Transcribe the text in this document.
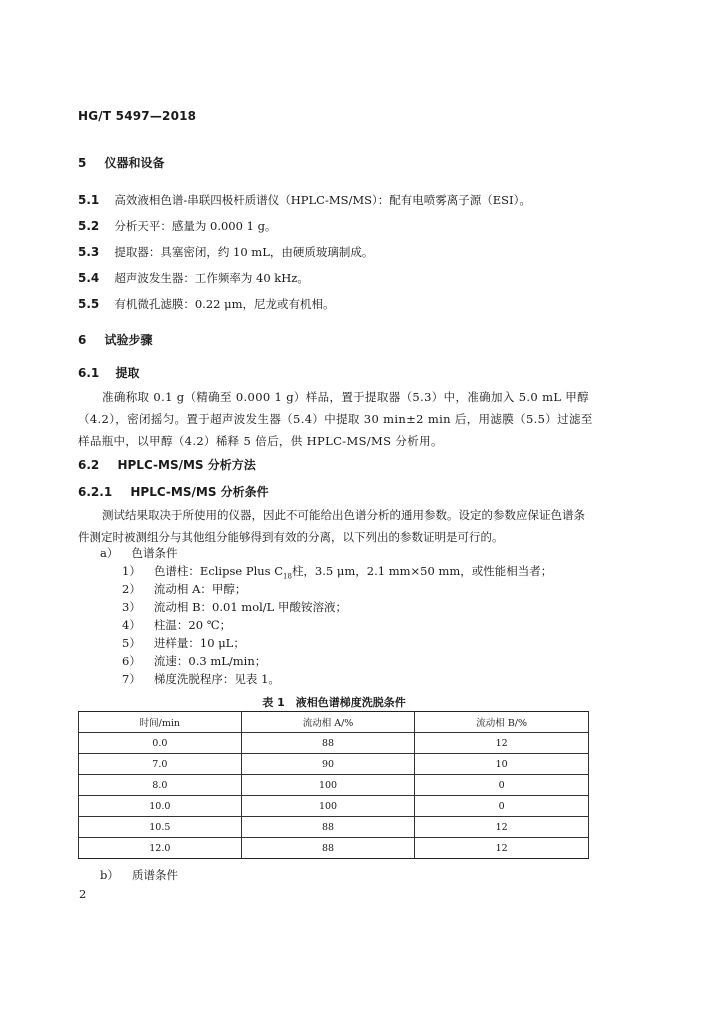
HG/T 5497—2018
5 仪器和设备
5.1 高效液相色谱-串联四极杆质谱仪（HPLC-MS/MS）：配有电喷雾离子源（ESI）。
5.2 分析天平：感量为 0.000 1 g。
5.3 提取器：具塞密闭，约 10 mL，由硬质玻璃制成。
5.4 超声波发生器：工作频率为 40 kHz。
5.5 有机微孔滤膜：0.22 μm，尼龙或有机相。
6 试验步骤
6.1 提取
准确称取 0.1 g（精确至 0.000 1 g）样品，置于提取器（5.3）中，准确加入 5.0 mL 甲醇（4.2），密闭摇匀。置于超声波发生器（5.4）中提取 30 min±2 min 后，用滤膜（5.5）过滤至样品瓶中，以甲醇（4.2）稀释 5 倍后，供 HPLC-MS/MS 分析用。
6.2 HPLC-MS/MS 分析方法
6.2.1 HPLC-MS/MS 分析条件
测试结果取决于所使用的仪器，因此不可能给出色谱分析的通用参数。设定的参数应保证色谱条件测定时被测组分与其他组分能够得到有效的分离，以下列出的参数证明是可行的。
a） 色谱条件
1） 色谱柱：Eclipse Plus $C_{18}$柱，3.5 μm，2.1 mm×50 mm，或性能相当者；
2） 流动相 A：甲醇；
3） 流动相 B：0.01 mol/L 甲酸铵溶液；
4） 柱温：20 ℃；
5） 进样量：10 μL；
6） 流速：0.3 mL/min；
7） 梯度洗脱程序：见表 1。
表 1　液相色谱梯度洗脱条件
时间/min	流动相 A/%	流动相 B/%
0.0	88	12
7.0	90	10
8.0	100	0
10.0	100	0
10.5	88	12
12.0	88	12
b） 质谱条件
2
